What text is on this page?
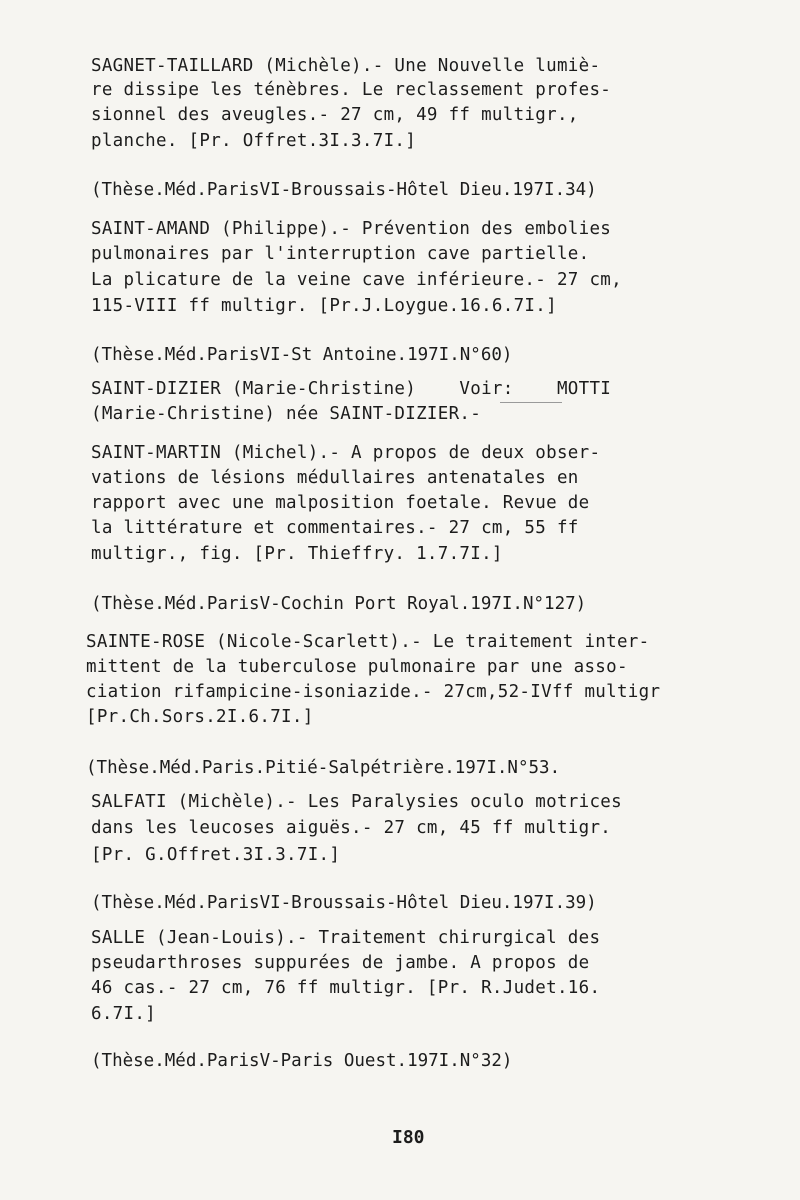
SAGNET-TAILLARD (Michèle).- Une Nouvelle lumiè-
re dissipe les ténèbres. Le reclassement profes-
sionnel des aveugles.- 27 cm, 49 ff multigr.,
planche. [Pr. Offret.3I.3.7I.]
(Thèse.Méd.ParisVI-Broussais-Hôtel Dieu.197I.34)
SAINT-AMAND (Philippe).- Prévention des embolies
pulmonaires par l'interruption cave partielle.
La plicature de la veine cave inférieure.- 27 cm,
115-VIII ff multigr. [Pr.J.Loygue.16.6.7I.]
(Thèse.Méd.ParisVI-St Antoine.197I.N°60)
SAINT-DIZIER (Marie-Christine)    Voir:    MOTTI
(Marie-Christine) née SAINT-DIZIER.-
SAINT-MARTIN (Michel).- A propos de deux obser-
vations de lésions médullaires antenatales en
rapport avec une malposition foetale. Revue de
la littérature et commentaires.- 27 cm, 55 ff
multigr., fig. [Pr. Thieffry. 1.7.7I.]
(Thèse.Méd.ParisV-Cochin Port Royal.197I.N°127)
SAINTE-ROSE (Nicole-Scarlett).- Le traitement inter-
mittent de la tuberculose pulmonaire par une asso-
ciation rifampicine-isoniazide.- 27cm,52-IVff multigr
[Pr.Ch.Sors.2I.6.7I.]
(Thèse.Méd.Paris.Pitié-Salpétrière.197I.N°53.
SALFATI (Michèle).- Les Paralysies oculo motrices
dans les leucoses aiguës.- 27 cm, 45 ff multigr.
[Pr. G.Offret.3I.3.7I.]
(Thèse.Méd.ParisVI-Broussais-Hôtel Dieu.197I.39)
SALLE (Jean-Louis).- Traitement chirurgical des
pseudarthroses suppurées de jambe. A propos de
46 cas.- 27 cm, 76 ff multigr. [Pr. R.Judet.16.
6.7I.]
(Thèse.Méd.ParisV-Paris Ouest.197I.N°32)
I80
